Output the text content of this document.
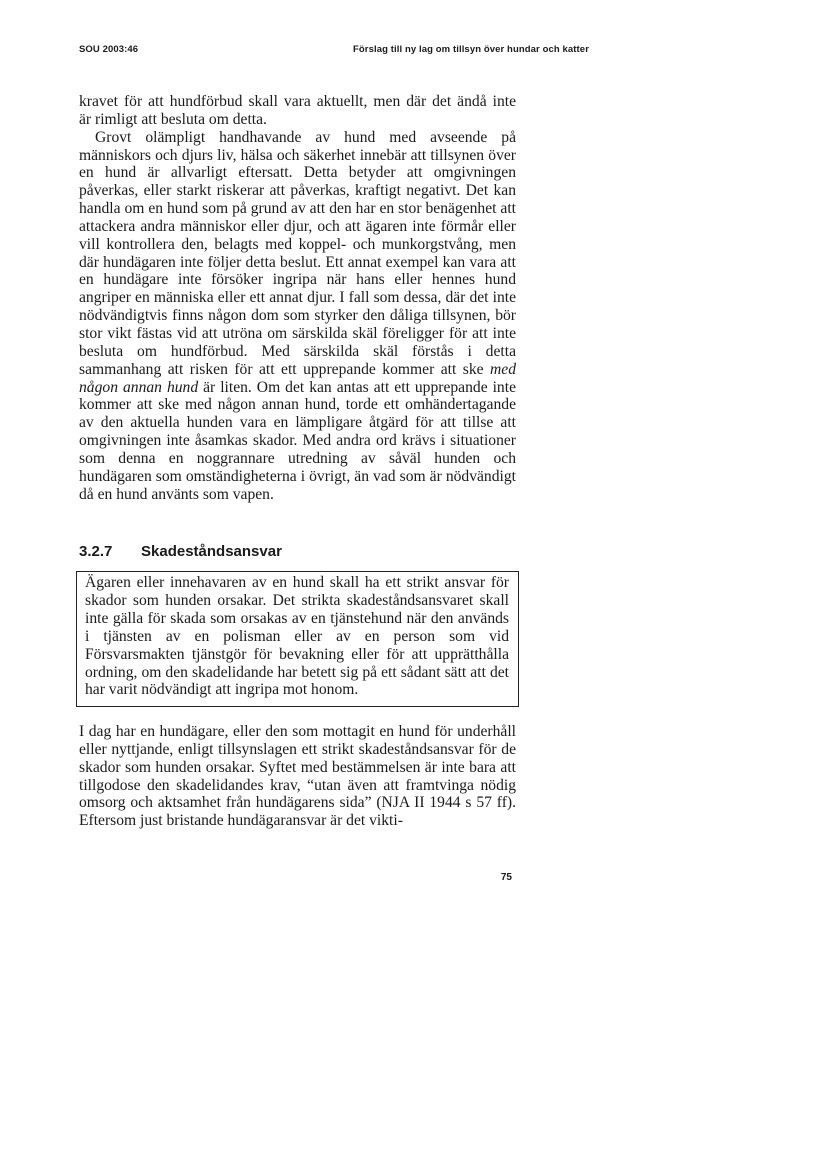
SOU 2003:46	Förslag till ny lag om tillsyn över hundar och katter
kravet för att hundförbud skall vara aktuellt, men där det ändå inte
är rimligt att besluta om detta.

Grovt olämpligt handhavande av hund med avseende på människors och djurs liv, hälsa och säkerhet innebär att tillsynen över en hund är allvarligt eftersatt. Detta betyder att omgivningen påverkas, eller starkt riskerar att påverkas, kraftigt negativt. Det kan handla om en hund som på grund av att den har en stor benägenhet att attackera andra människor eller djur, och att ägaren inte förmår eller vill kontrollera den, belagts med koppel- och munkorgstvång, men där hundägaren inte följer detta beslut. Ett annat exempel kan vara att en hundägare inte försöker ingripa när hans eller hennes hund angriper en människa eller ett annat djur. I fall som dessa, där det inte nödvändigtvis finns någon dom som styrker den dåliga tillsynen, bör stor vikt fästas vid att utröna om särskilda skäl föreligger för att inte besluta om hundförbud. Med särskilda skäl förstås i detta sammanhang att risken för att ett upprepande kommer att ske med någon annan hund är liten. Om det kan antas att ett upprepande inte kommer att ske med någon annan hund, torde ett omhändertagande av den aktuella hunden vara en lämpligare åtgärd för att tillse att omgivningen inte åsamkas skador. Med andra ord krävs i situationer som denna en noggrannare utredning av såväl hunden och hundägaren som omständigheterna i övrigt, än vad som är nödvändigt då en hund använts som vapen.

3.2.7 Skadeståndsansvar

Ägaren eller innehavaren av en hund skall ha ett strikt ansvar för skador som hunden orsakar. Det strikta skadeståndsansvaret skall inte gälla för skada som orsakas av en tjänstehund när den används i tjänsten av en polisman eller av en person som vid Försvarsmakten tjänstgör för bevakning eller för att upprätthålla ordning, om den skadelidande har betett sig på ett sådant sätt att det har varit nödvändigt att ingripa mot honom.

I dag har en hundägare, eller den som mottagit en hund för underhåll eller nyttjande, enligt tillsynslagen ett strikt skadeståndsansvar för de skador som hunden orsakar. Syftet med bestämmelsen är inte bara att tillgodose den skadelidandes krav, “utan även att framtvinga nödig omsorg och aktsamhet från hundägarens sida” (NJA II 1944 s 57 ff). Eftersom just bristande hundägaransvar är det vikti-

75
